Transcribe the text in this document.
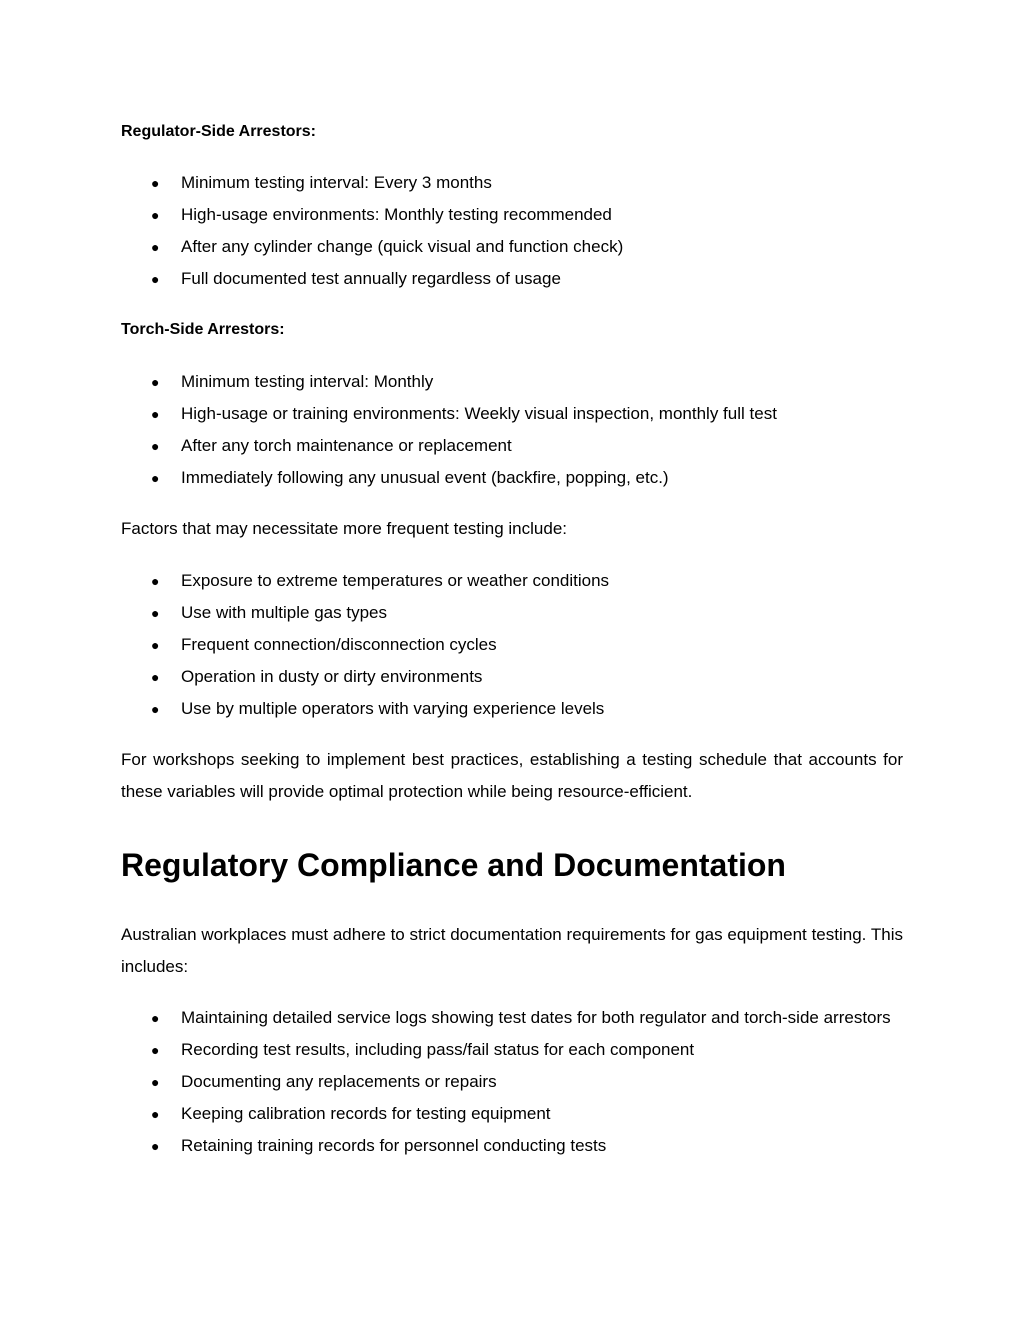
Regulator-Side Arrestors:
●	Minimum testing interval: Every 3 months
●	High-usage environments: Monthly testing recommended
●	After any cylinder change (quick visual and function check)
●	Full documented test annually regardless of usage
Torch-Side Arrestors:
●	Minimum testing interval: Monthly
●	High-usage or training environments: Weekly visual inspection, monthly full test
●	After any torch maintenance or replacement
●	Immediately following any unusual event (backfire, popping, etc.)
Factors that may necessitate more frequent testing include:
●	Exposure to extreme temperatures or weather conditions
●	Use with multiple gas types
●	Frequent connection/disconnection cycles
●	Operation in dusty or dirty environments
●	Use by multiple operators with varying experience levels
For workshops seeking to implement best practices, establishing a testing schedule that accounts for these variables will provide optimal protection while being resource-efficient.
Regulatory Compliance and Documentation
Australian workplaces must adhere to strict documentation requirements for gas equipment testing. This includes:
●	Maintaining detailed service logs showing test dates for both regulator and torch-side arrestors
●	Recording test results, including pass/fail status for each component
●	Documenting any replacements or repairs
●	Keeping calibration records for testing equipment
●	Retaining training records for personnel conducting tests
